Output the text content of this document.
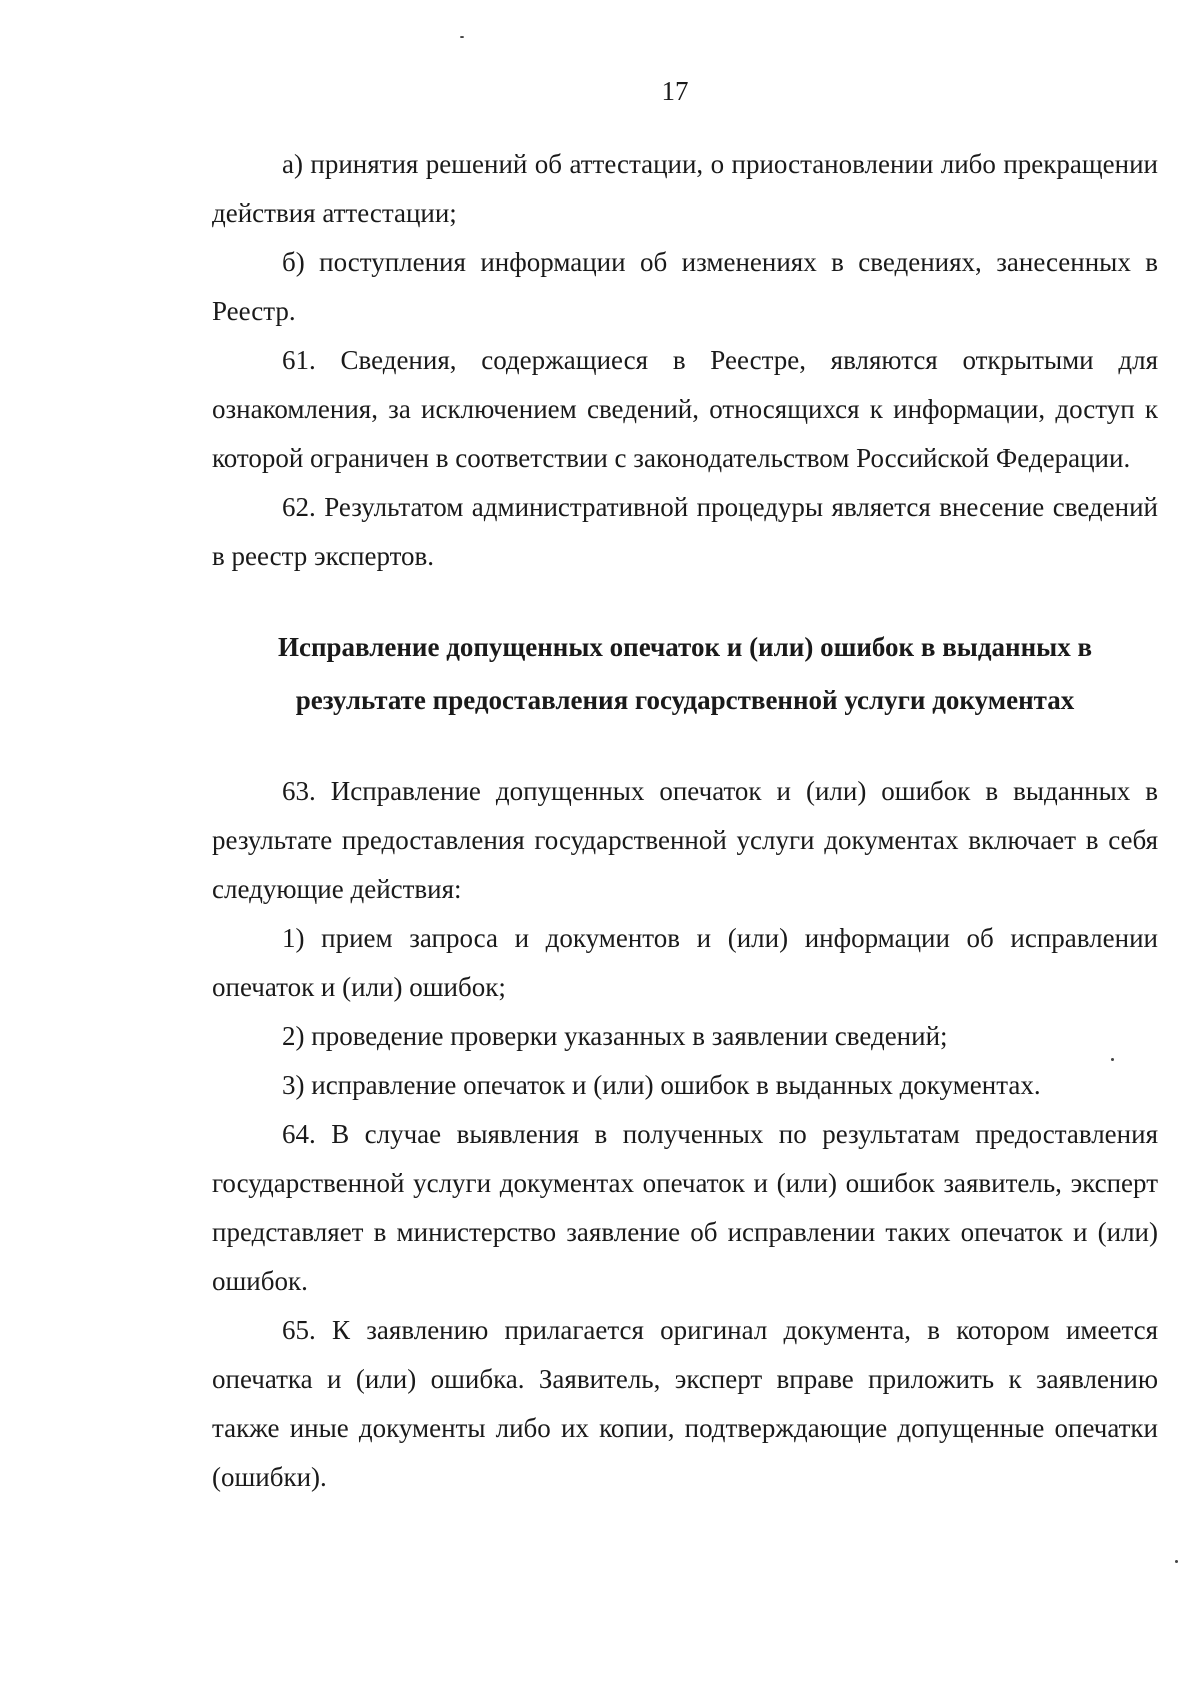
17

а) принятия решений об аттестации, о приостановлении либо прекращении действия аттестации;

б) поступления информации об изменениях в сведениях, занесенных в Реестр.

61. Сведения, содержащиеся в Реестре, являются открытыми для ознакомления, за исключением сведений, относящихся к информации, доступ к которой ограничен в соответствии с законодательством Российской Федерации.

62. Результатом административной процедуры является внесение сведений в реестр экспертов.

Исправление допущенных опечаток и (или) ошибок в выданных в
результате предоставления государственной услуги документах

63. Исправление допущенных опечаток и (или) ошибок в выданных в результате предоставления государственной услуги документах включает в себя следующие действия:

1) прием запроса и документов и (или) информации об исправлении опечаток и (или) ошибок;

2) проведение проверки указанных в заявлении сведений;

3) исправление опечаток и (или) ошибок в выданных документах.

64. В случае выявления в полученных по результатам предоставления государственной услуги документах опечаток и (или) ошибок заявитель, эксперт представляет в министерство заявление об исправлении таких опечаток и (или) ошибок.

65. К заявлению прилагается оригинал документа, в котором имеется опечатка и (или) ошибка. Заявитель, эксперт вправе приложить к заявлению также иные документы либо их копии, подтверждающие допущенные опечатки (ошибки).
